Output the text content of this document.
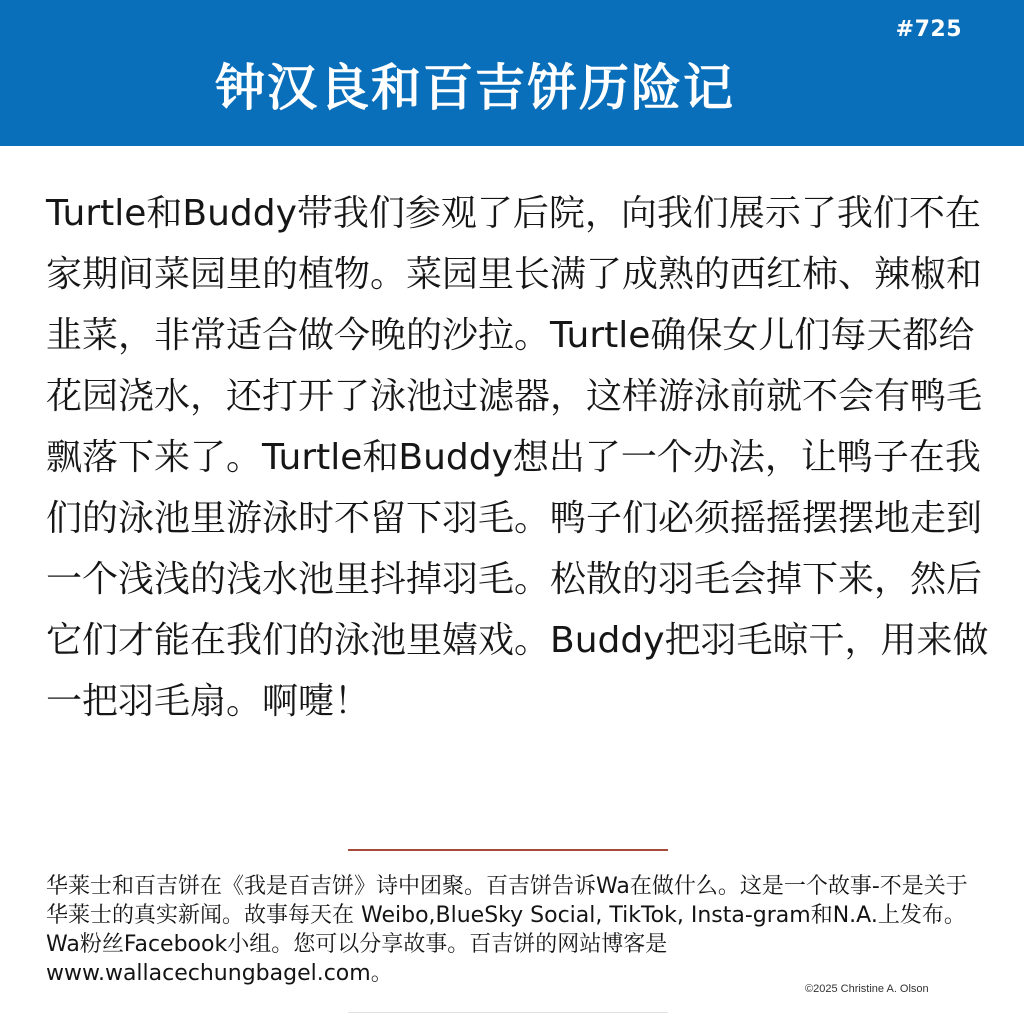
#725
钟汉良和百吉饼历险记

Turtle和Buddy带我们参观了后院，向我们展示了我们不在家期间菜园里的植物。菜园里长满了成熟的西红柿、辣椒和韭菜，非常适合做今晚的沙拉。Turtle确保女儿们每天都给花园浇水，还打开了泳池过滤器，这样游泳前就不会有鸭毛飘落下来了。Turtle和Buddy想出了一个办法，让鸭子在我们的泳池里游泳时不留下羽毛。鸭子们必须摇摇摆摆地走到一个浅浅的浅水池里抖掉羽毛。松散的羽毛会掉下来，然后它们才能在我们的泳池里嬉戏。Buddy把羽毛晾干，用来做一把羽毛扇。啊嚏！

华莱士和百吉饼在《我是百吉饼》诗中团聚。百吉饼告诉Wa在做什么。这是一个故事-不是关于华莱士的真实新闻。故事每天在 Weibo,BlueSky Social, TikTok, Insta-gram和N.A.上发布。Wa粉丝Facebook小组。您可以分享故事。百吉饼的网站博客是www.wallacechungbagel.com。

©2025 Christine A. Olson
